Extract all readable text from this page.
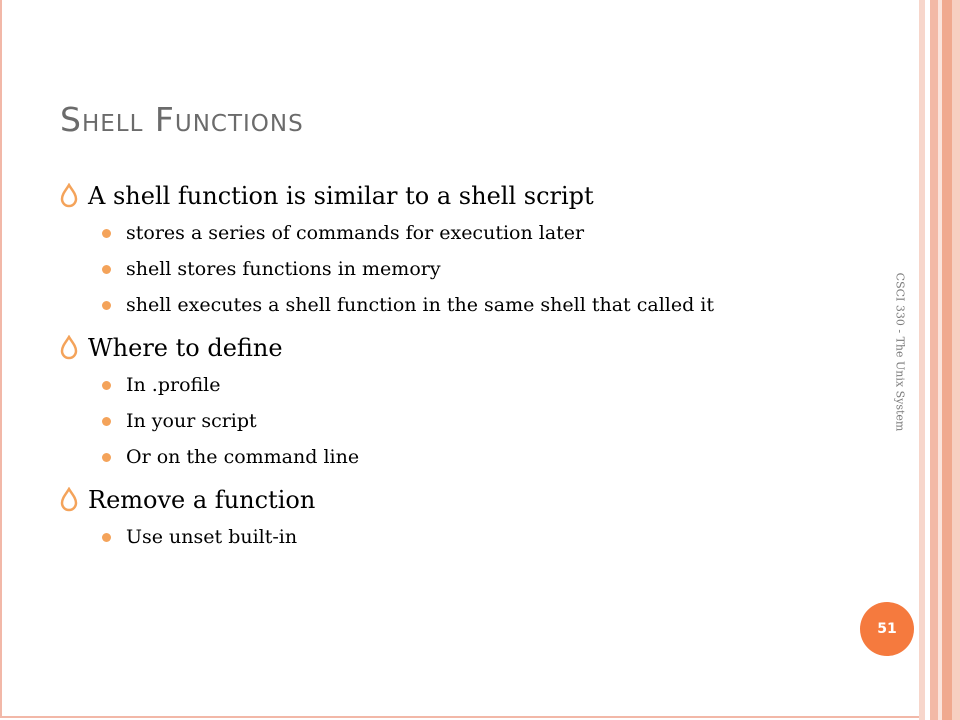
Shell Functions
A shell function is similar to a shell script
stores a series of commands for execution later
shell stores functions in memory
shell executes a shell function in the same shell that called it
Where to define
In .profile
In your script
Or on the command line
Remove a function
Use unset built-in
CSCI 330 - The Unix System
51
